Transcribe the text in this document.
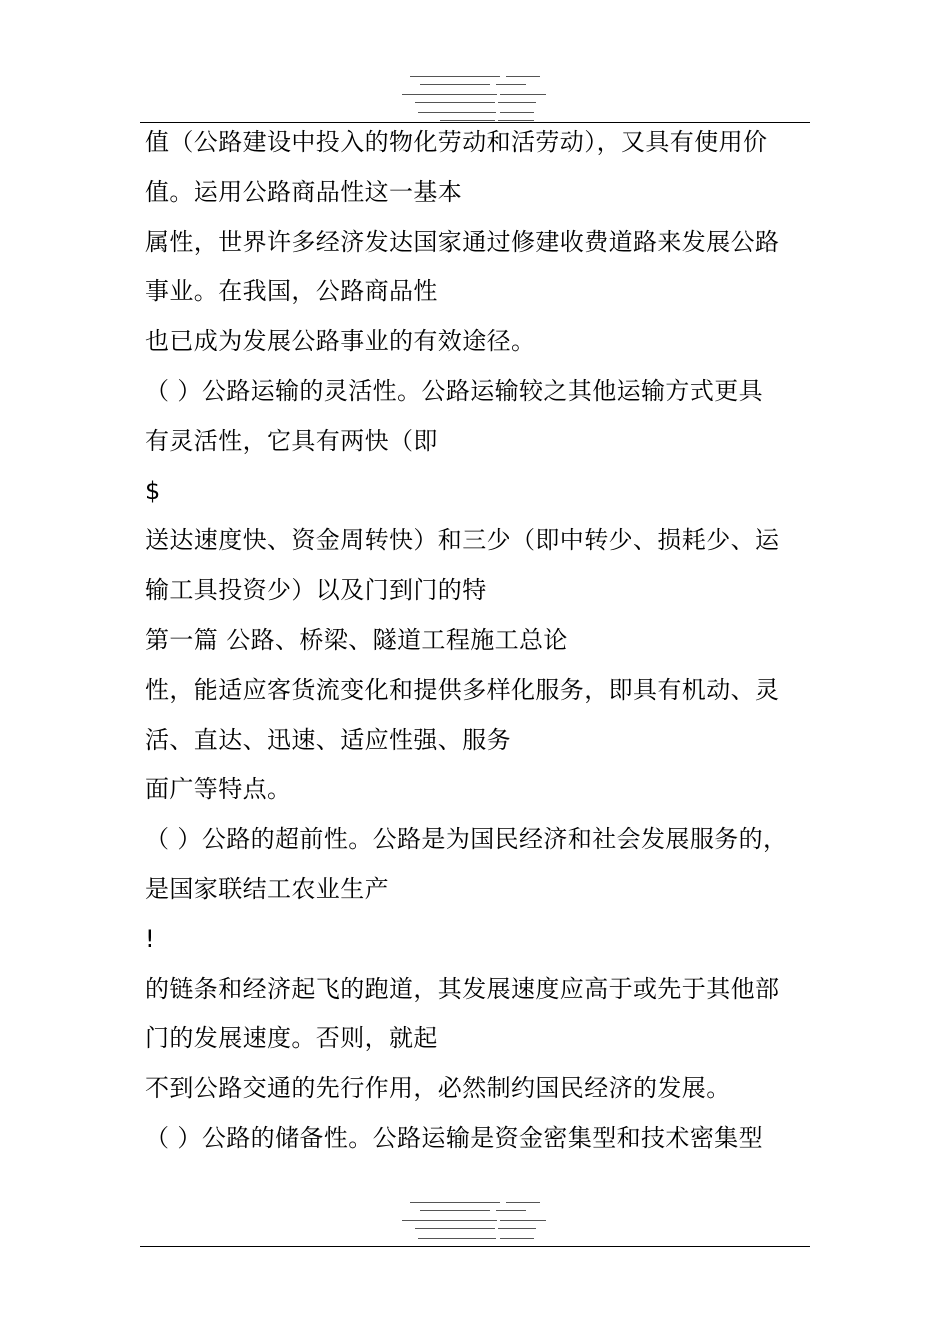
值（公路建设中投入的物化劳动和活劳动），又具有使用价
值。运用公路商品性这一基本
属性，世界许多经济发达国家通过修建收费道路来发展公路
事业。在我国，公路商品性
也已成为发展公路事业的有效途径。
（ ）公路运输的灵活性。公路运输较之其他运输方式更具
有灵活性，它具有两快（即
$
送达速度快、资金周转快）和三少（即中转少、损耗少、运
输工具投资少）以及门到门的特
第一篇 公路、桥梁、隧道工程施工总论
性，能适应客货流变化和提供多样化服务，即具有机动、灵
活、直达、迅速、适应性强、服务
面广等特点。
（ ）公路的超前性。公路是为国民经济和社会发展服务的，
是国家联结工农业生产
!
的链条和经济起飞的跑道，其发展速度应高于或先于其他部
门的发展速度。否则，就起
不到公路交通的先行作用，必然制约国民经济的发展。
（ ）公路的储备性。公路运输是资金密集型和技术密集型
